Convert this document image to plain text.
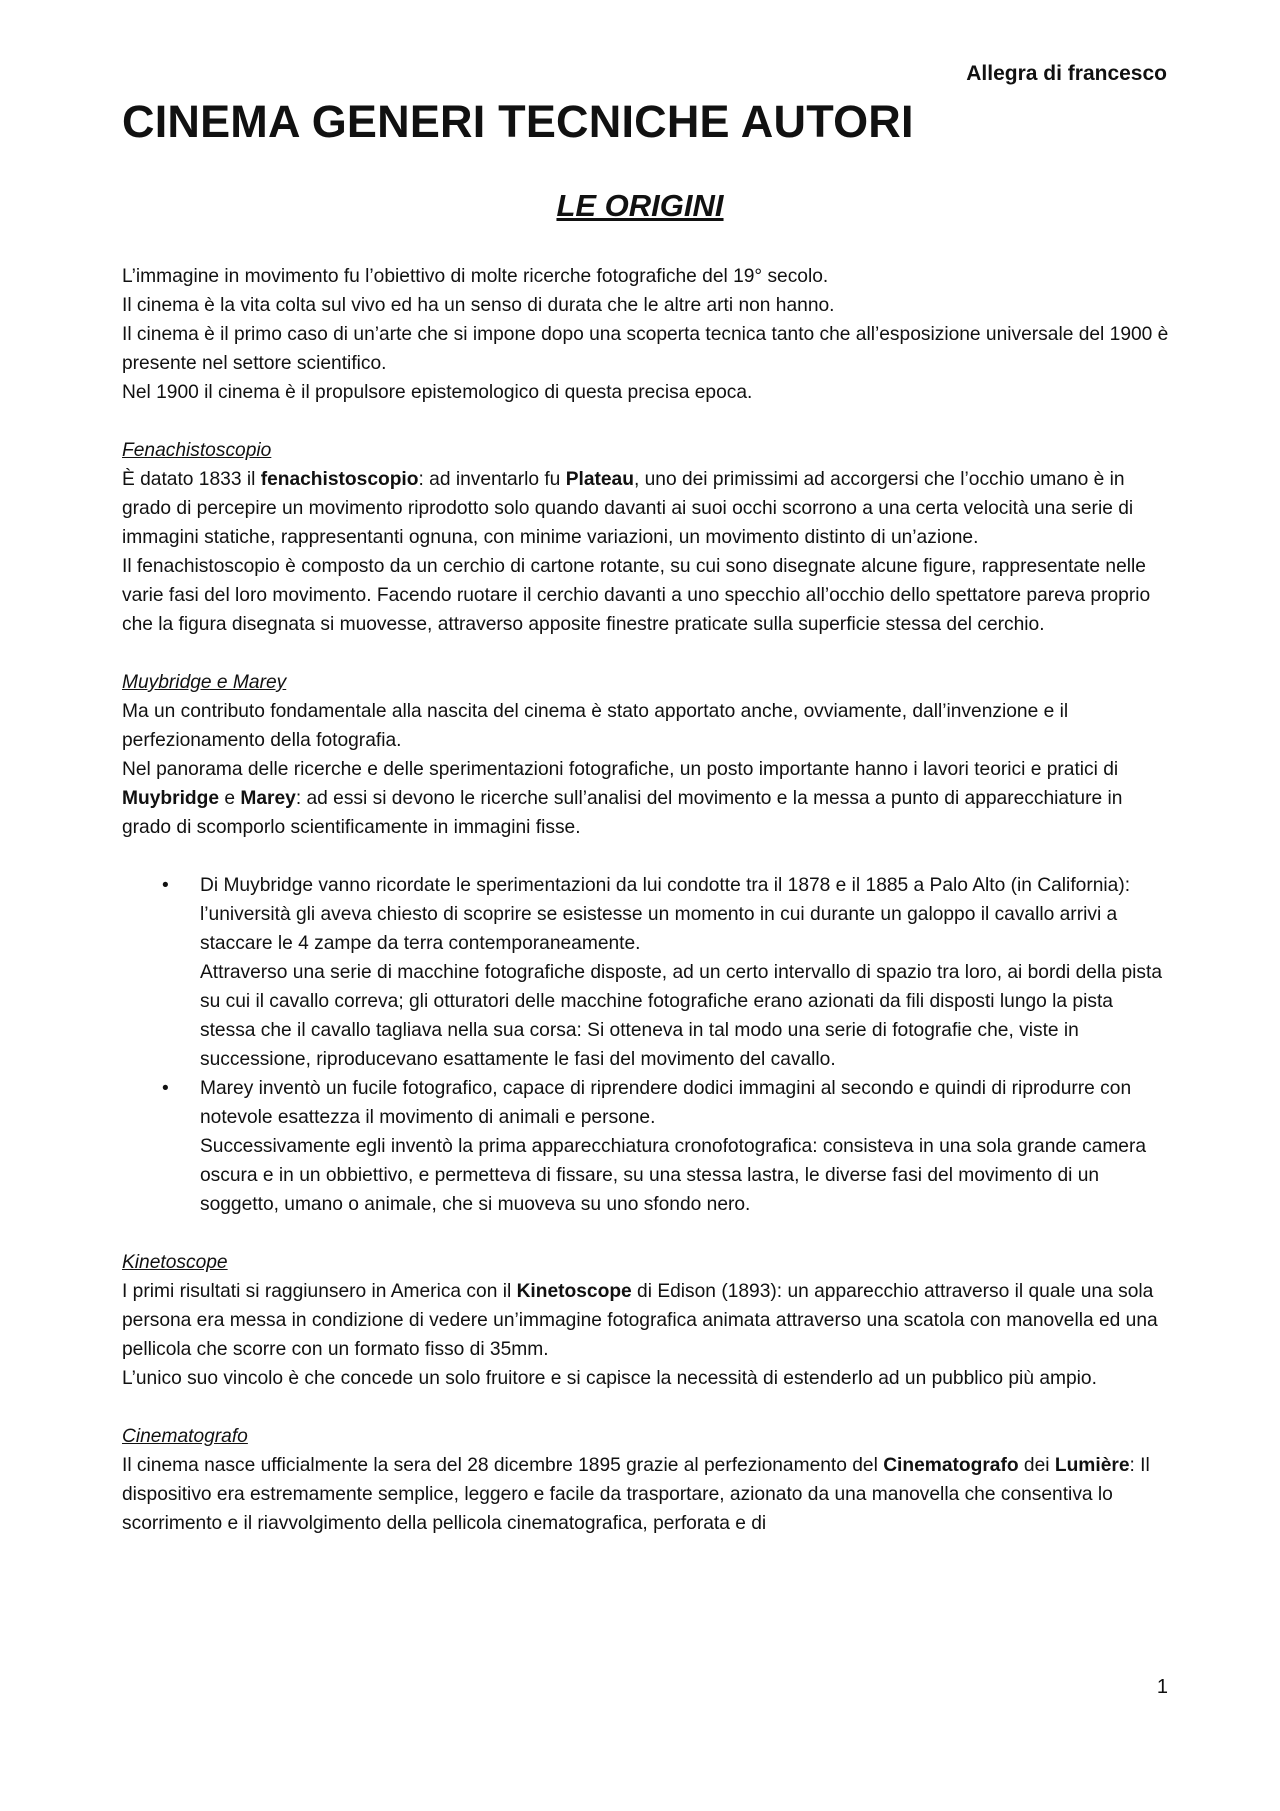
Allegra di francesco
CINEMA GENERI TECNICHE AUTORI
LE ORIGINI

L’immagine in movimento fu l’obiettivo di molte ricerche fotografiche del 19° secolo.
Il cinema è la vita colta sul vivo ed ha un senso di durata che le altre arti non hanno.
Il cinema è il primo caso di un’arte che si impone dopo una scoperta tecnica tanto che all’esposizione universale del 1900 è presente nel settore scientifico.
Nel 1900 il cinema è il propulsore epistemologico di questa precisa epoca.

Fenachistoscopio

È datato 1833 il fenachistoscopio: ad inventarlo fu Plateau, uno dei primissimi ad accorgersi che l’occhio umano è in grado di percepire un movimento riprodotto solo quando davanti ai suoi occhi scorrono a una certa velocità una serie di immagini statiche, rappresentanti ognuna, con minime variazioni, un movimento distinto di un’azione.

Il fenachistoscopio è composto da un cerchio di cartone rotante, su cui sono disegnate alcune figure, rappresentate nelle varie fasi del loro movimento. Facendo ruotare il cerchio davanti a uno specchio all’occhio dello spettatore pareva proprio che la figura disegnata si muovesse, attraverso apposite finestre praticate sulla superficie stessa del cerchio.

Muybridge e Marey

Ma un contributo fondamentale alla nascita del cinema è stato apportato anche, ovviamente, dall’invenzione e il perfezionamento della fotografia.

Nel panorama delle ricerche e delle sperimentazioni fotografiche, un posto importante hanno i lavori teorici e pratici di Muybridge e Marey: ad essi si devono le ricerche sull’analisi del movimento e la messa a punto di apparecchiature in grado di scomporlo scientificamente in immagini fisse.

• Di Muybridge vanno ricordate le sperimentazioni da lui condotte tra il 1878 e il 1885 a Palo Alto (in California): l’università gli aveva chiesto di scoprire se esistesse un momento in cui durante un galoppo il cavallo arrivi a staccare le 4 zampe da terra contemporaneamente.
Attraverso una serie di macchine fotografiche disposte, ad un certo intervallo di spazio tra loro, ai bordi della pista su cui il cavallo correva; gli otturatori delle macchine fotografiche erano azionati da fili disposti lungo la pista stessa che il cavallo tagliava nella sua corsa: Si otteneva in tal modo una serie di fotografie che, viste in successione, riproducevano esattamente le fasi del movimento del cavallo.
• Marey inventò un fucile fotografico, capace di riprendere dodici immagini al secondo e quindi di riprodurre con notevole esattezza il movimento di animali e persone.
Successivamente egli inventò la prima apparecchiatura cronofotografica: consisteva in una sola grande camera oscura e in un obbiettivo, e permetteva di fissare, su una stessa lastra, le diverse fasi del movimento di un soggetto, umano o animale, che si muoveva su uno sfondo nero.

Kinetoscope

I primi risultati si raggiunsero in America con il Kinetoscope di Edison (1893): un apparecchio attraverso il quale una sola persona era messa in condizione di vedere un’immagine fotografica animata attraverso una scatola con manovella ed una pellicola che scorre con un formato fisso di 35mm.

L’unico suo vincolo è che concede un solo fruitore e si capisce la necessità di estenderlo ad un pubblico più ampio.

Cinematografo

Il cinema nasce ufficialmente la sera del 28 dicembre 1895 grazie al perfezionamento del Cinematografo dei Lumière: Il dispositivo era estremamente semplice, leggero e facile da trasportare, azionato da una manovella che consentiva lo scorrimento e il riavvolgimento della pellicola cinematografica, perforata e di

1
